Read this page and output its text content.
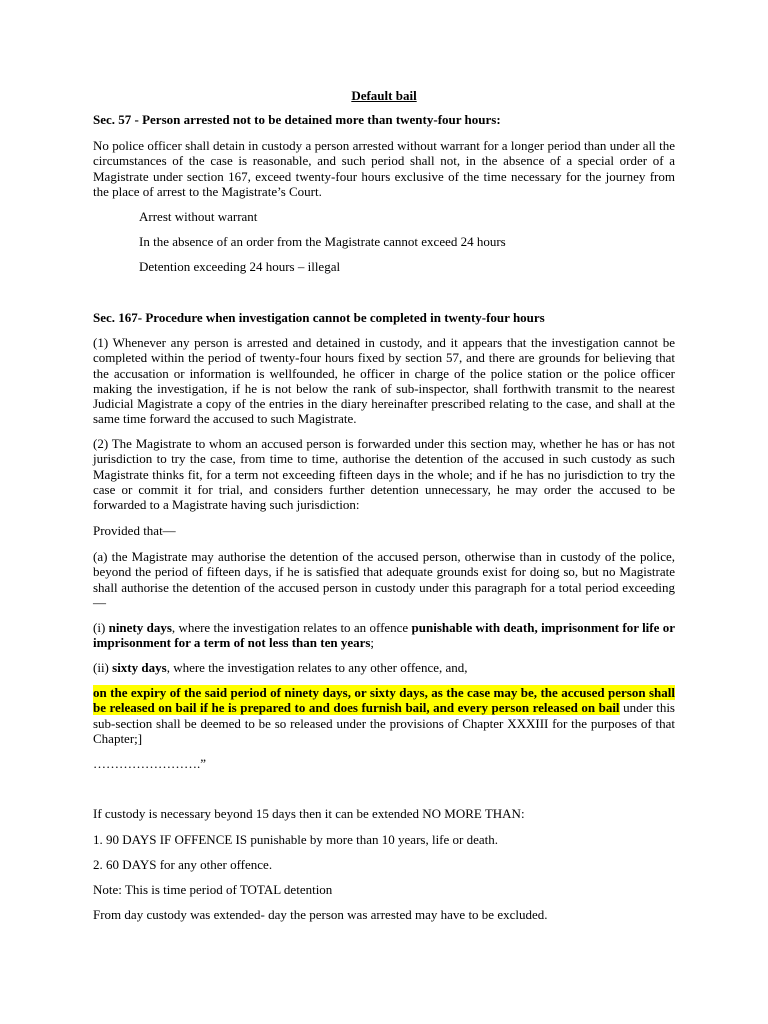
Default bail

Sec. 57 - Person arrested not to be detained more than twenty-four hours:

No police officer shall detain in custody a person arrested without warrant for a longer period than under all the circumstances of the case is reasonable, and such period shall not, in the absence of a special order of a Magistrate under section 167, exceed twenty-four hours exclusive of the time necessary for the journey from the place of arrest to the Magistrate’s Court.

Arrest without warrant
In the absence of an order from the Magistrate cannot exceed 24 hours
Detention exceeding 24 hours – illegal

Sec. 167- Procedure when investigation cannot be completed in twenty-four hours

(1) Whenever any person is arrested and detained in custody, and it appears that the investigation cannot be completed within the period of twenty-four hours fixed by section 57, and there are grounds for believing that the accusation or information is wellfounded, he officer in charge of the police station or the police officer making the investigation, if he is not below the rank of sub-inspector, shall forthwith transmit to the nearest Judicial Magistrate a copy of the entries in the diary hereinafter prescribed relating to the case, and shall at the same time forward the accused to such Magistrate.

(2) The Magistrate to whom an accused person is forwarded under this section may, whether he has or has not jurisdiction to try the case, from time to time, authorise the detention of the accused in such custody as such Magistrate thinks fit, for a term not exceeding fifteen days in the whole; and if he has no jurisdiction to try the case or commit it for trial, and considers further detention unnecessary, he may order the accused to be forwarded to a Magistrate having such jurisdiction:

Provided that—

(a) the Magistrate may authorise the detention of the accused person, otherwise than in custody of the police, beyond the period of fifteen days, if he is satisfied that adequate grounds exist for doing so, but no Magistrate shall authorise the detention of the accused person in custody under this paragraph for a total period exceeding—

(i) ninety days, where the investigation relates to an offence punishable with death, imprisonment for life or imprisonment for a term of not less than ten years;

(ii) sixty days, where the investigation relates to any other offence, and,

on the expiry of the said period of ninety days, or sixty days, as the case may be, the accused person shall be released on bail if he is prepared to and does furnish bail, and every person released on bail under this sub-section shall be deemed to be so released under the provisions of Chapter XXXIII for the purposes of that Chapter;]

…………………….”

If custody is necessary beyond 15 days then it can be extended NO MORE THAN:

1. 90 DAYS IF OFFENCE IS punishable by more than 10 years, life or death.

2. 60 DAYS for any other offence.

Note: This is time period of TOTAL detention

From day custody was extended- day the person was arrested may have to be excluded.
